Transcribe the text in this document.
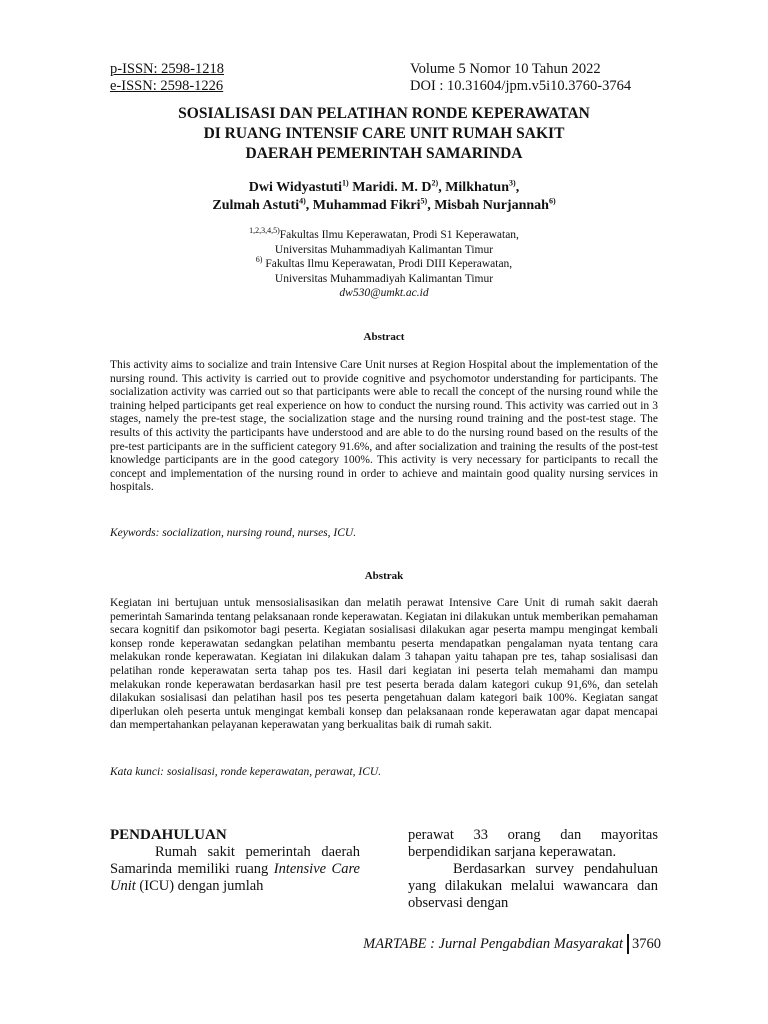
p-ISSN: 2598-1218
e-ISSN: 2598-1226
Volume 5 Nomor 10 Tahun 2022
DOI : 10.31604/jpm.v5i10.3760-3764
SOSIALISASI DAN PELATIHAN RONDE KEPERAWATAN
DI RUANG INTENSIF CARE UNIT RUMAH SAKIT
DAERAH PEMERINTAH SAMARINDA
Dwi Widyastuti$^{1)}$ Maridi. M. $D^{2)}$, Milkhatun$^{3)}$,
Zulmah Astuti$^{4)}$, Muhammad Fikri$^{5)}$, Misbah Nurjannah$^{6)}$
$^{1,2,3,4,5)}$Fakultas Ilmu Keperawatan, Prodi S1 Keperawatan,
Universitas Muhammadiyah Kalimantan Timur
$^{6)}$ Fakultas Ilmu Keperawatan, Prodi DIII Keperawatan,
Universitas Muhammadiyah Kalimantan Timur
dw530@umkt.ac.id
Abstract
This activity aims to socialize and train Intensive Care Unit nurses at Region Hospital about the implementation of the nursing round. This activity is carried out to provide cognitive and psychomotor understanding for participants. The socialization activity was carried out so that participants were able to recall the concept of the nursing round while the training helped participants get real experience on how to conduct the nursing round. This activity was carried out in 3 stages, namely the pre-test stage, the socialization stage and the nursing round training and the post-test stage. The results of this activity the participants have understood and are able to do the nursing round based on the results of the pre-test participants are in the sufficient category 91.6%, and after socialization and training the results of the post-test knowledge participants are in the good category 100%. This activity is very necessary for participants to recall the concept and implementation of the nursing round in order to achieve and maintain good quality nursing services in hospitals.
Keywords: socialization, nursing round, nurses, ICU.
Abstrak
Kegiatan ini bertujuan untuk mensosialisasikan dan melatih perawat Intensive Care Unit di rumah sakit daerah pemerintah Samarinda tentang pelaksanaan ronde keperawatan. Kegiatan ini dilakukan untuk memberikan pemahaman secara kognitif dan psikomotor bagi peserta. Kegiatan sosialisasi dilakukan agar peserta mampu mengingat kembali konsep ronde keperawatan sedangkan pelatihan membantu peserta mendapatkan pengalaman nyata tentang cara melakukan ronde keperawatan. Kegiatan ini dilakukan dalam 3 tahapan yaitu tahapan pre tes, tahap sosialisasi dan pelatihan ronde keperawatan serta tahap pos tes. Hasil dari kegiatan ini peserta telah memahami dan mampu melakukan ronde keperawatan berdasarkan hasil pre test peserta berada dalam kategori cukup 91,6%, dan setelah dilakukan sosialisasi dan pelatihan hasil pos tes peserta pengetahuan dalam kategori baik 100%. Kegiatan sangat diperlukan oleh peserta untuk mengingat kembali konsep dan pelaksanaan ronde keperawatan agar dapat mencapai dan mempertahankan pelayanan keperawatan yang berkualitas baik di rumah sakit.
Kata kunci: sosialisasi, ronde keperawatan, perawat, ICU.
PENDAHULUAN
Rumah sakit pemerintah daerah Samarinda memiliki ruang Intensive Care Unit (ICU) dengan jumlah
perawat 33 orang dan mayoritas berpendidikan sarjana keperawatan.
Berdasarkan survey pendahuluan yang dilakukan melalui wawancara dan observasi dengan
MARTABE : Jurnal Pengabdian Masyarakat 3760
